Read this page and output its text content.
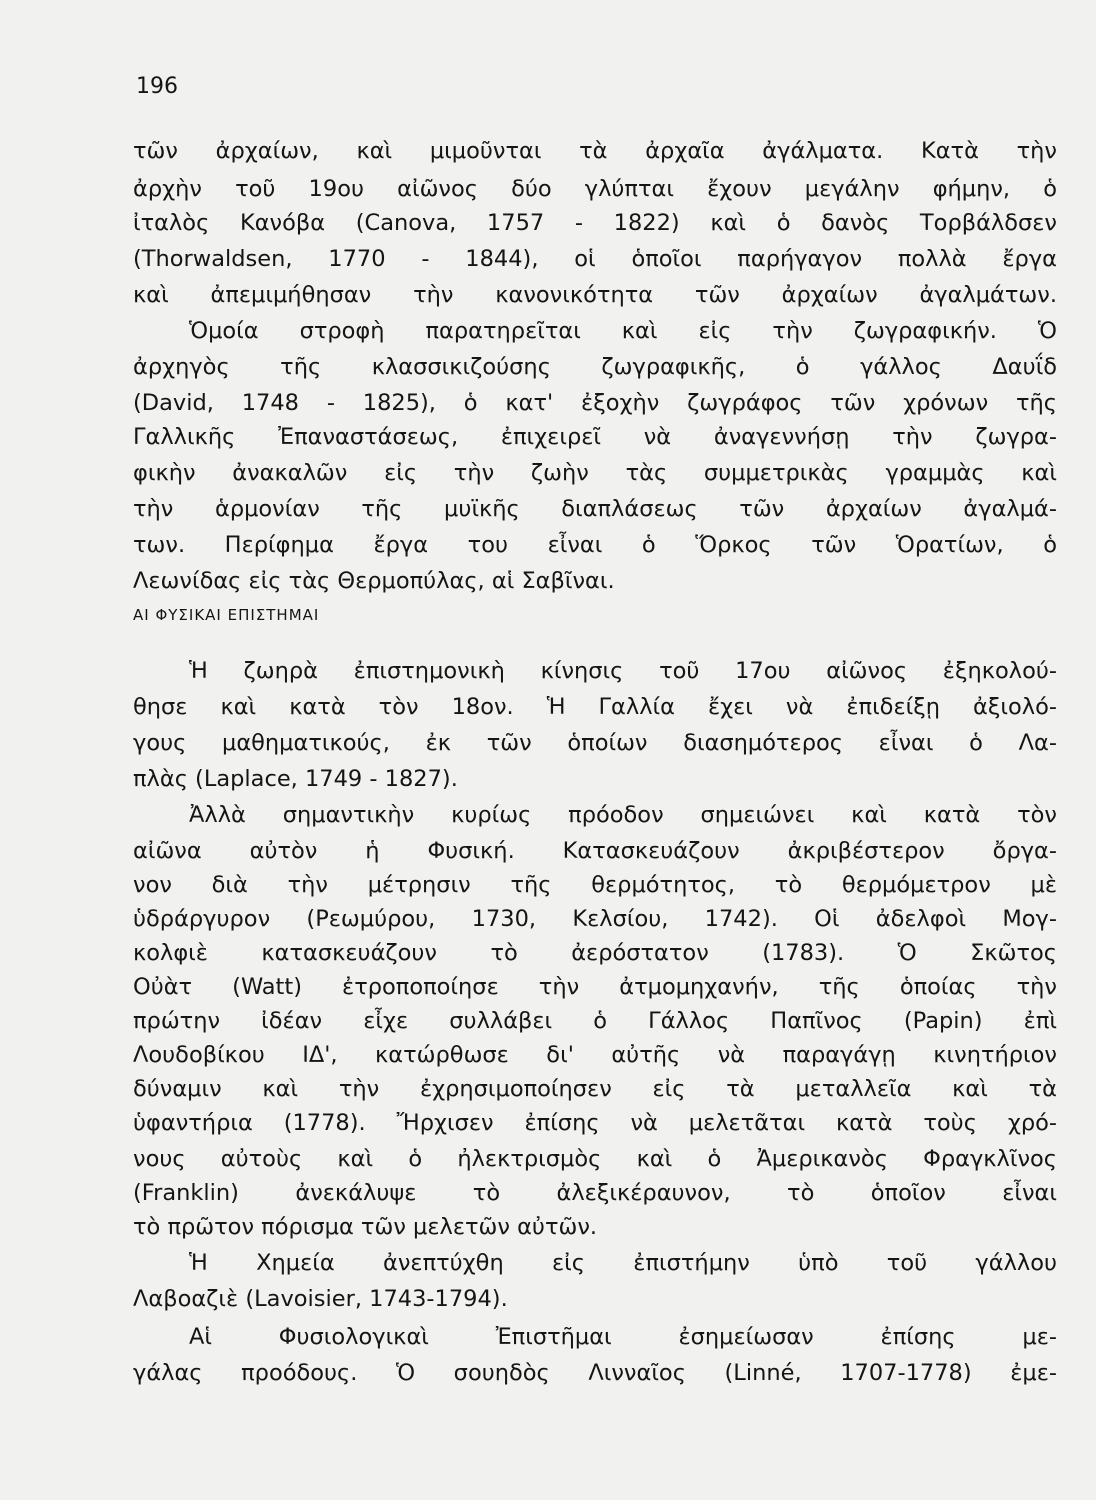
196
τῶν ἀρχαίων, καὶ μιμοῦνται τὰ ἀρχαῖα ἀγάλματα. Κατὰ τὴν
ἀρχὴν τοῦ 19ου αἰῶνος δύο γλύπται ἔχουν μεγάλην φήμην, ὁ
ἰταλὸς Κανόβα (Canova, 1757 - 1822) καὶ ὁ δανὸς Τορβάλδσεν
(Thorwaldsen, 1770 - 1844), οἱ ὁποῖοι παρήγαγον πολλὰ ἔργα
καὶ ἀπεμιμήθησαν τὴν κανονικότητα τῶν ἀρχαίων ἀγαλμάτων.
Ὁμοία στροφὴ παρατηρεῖται καὶ εἰς τὴν ζωγραφικήν. Ὁ
ἀρχηγὸς τῆς κλασσικιζούσης ζωγραφικῆς, ὁ γάλλος Δαυΐδ
(David, 1748 - 1825), ὁ κατ' ἐξοχὴν ζωγράφος τῶν χρόνων τῆς
Γαλλικῆς Ἐπαναστάσεως, ἐπιχειρεῖ νὰ ἀναγεννήσῃ τὴν ζωγρα-
φικὴν ἀνακαλῶν εἰς τὴν ζωὴν τὰς συμμετρικὰς γραμμὰς καὶ
τὴν ἁρμονίαν τῆς μυϊκῆς διαπλάσεως τῶν ἀρχαίων ἀγαλμά-
των. Περίφημα ἔργα του εἶναι ὁ Ὅρκος τῶν Ὁρατίων, ὁ
Λεωνίδας εἰς τὰς Θερμοπύλας, αἱ Σαβῖναι.
ΑΙ ΦΥΣΙΚΑΙ ΕΠΙΣΤΗΜΑΙ
Ἡ ζωηρὰ ἐπιστημονικὴ κίνησις τοῦ 17ου αἰῶνος ἐξηκολού-
θησε καὶ κατὰ τὸν 18ον. Ἡ Γαλλία ἔχει νὰ ἐπιδείξῃ ἀξιολό-
γους μαθηματικούς, ἐκ τῶν ὁποίων διασημότερος εἶναι ὁ Λα-
πλὰς (Laplace, 1749 - 1827).
Ἀλλὰ σημαντικὴν κυρίως πρόοδον σημειώνει καὶ κατὰ τὸν
αἰῶνα αὐτὸν ἡ Φυσική. Κατασκευάζουν ἀκριβέστερον ὄργα-
νον διὰ τὴν μέτρησιν τῆς θερμότητος, τὸ θερμόμετρον μὲ
ὑδράργυρον (Ρεωμύρου, 1730, Κελσίου, 1742). Οἱ ἀδελφοὶ Μογ-
κολφιὲ κατασκευάζουν τὸ ἀερόστατον (1783). Ὁ Σκῶτος
Οὐὰτ (Watt) ἐτροποποίησε τὴν ἀτμομηχανήν, τῆς ὁποίας τὴν
πρώτην ἰδέαν εἶχε συλλάβει ὁ Γάλλος Παπῖνος (Papin) ἐπὶ
Λουδοβίκου ΙΔ', κατώρθωσε δι' αὐτῆς νὰ παραγάγῃ κινητήριον
δύναμιν καὶ τὴν ἐχρησιμοποίησεν εἰς τὰ μεταλλεῖα καὶ τὰ
ὑφαντήρια (1778). Ἤρχισεν ἐπίσης νὰ μελετᾶται κατὰ τοὺς χρό-
νους αὐτοὺς καὶ ὁ ἠλεκτρισμὸς καὶ ὁ Ἀμερικανὸς Φραγκλῖνος
(Franklin) ἀνεκάλυψε τὸ ἀλεξικέραυνον, τὸ ὁποῖον εἶναι
τὸ πρῶτον πόρισμα τῶν μελετῶν αὐτῶν.
Ἡ Χημεία ἀνεπτύχθη εἰς ἐπιστήμην ὑπὸ τοῦ γάλλου
Λαβοαζιὲ (Lavoisier, 1743-1794).
Αἱ Φυσιολογικαὶ Ἐπιστῆμαι ἐσημείωσαν ἐπίσης με-
γάλας προόδους. Ὁ σουηδὸς Λινναῖος (Linné, 1707-1778) ἐμε-
